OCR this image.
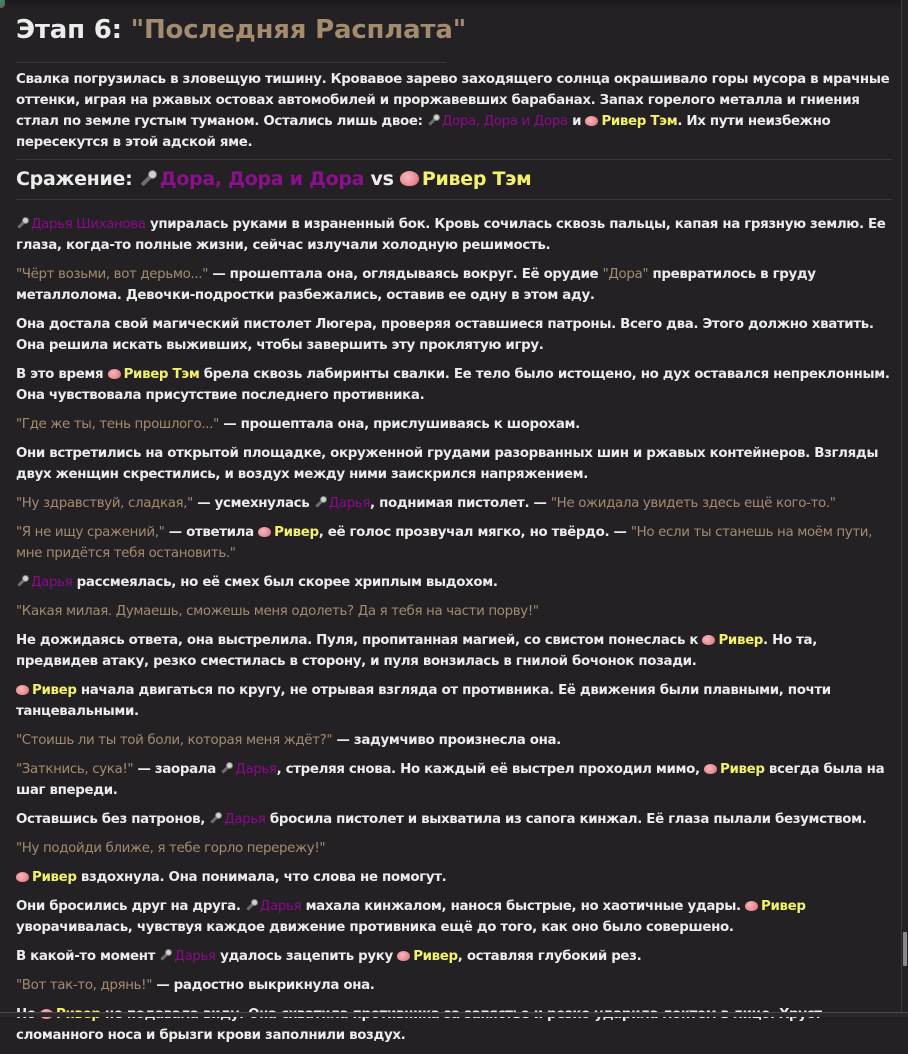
Этап 6: "Последняя Расплата"

Свалка погрузилась в зловещую тишину. Кровавое зарево заходящего солнца окрашивало горы мусора в мрачные оттенки, играя на ржавых остовах автомобилей и проржавевших барабанах. Запах горелого металла и гниения стлал по земле густым туманом. Остались лишь двое: Дора, Дора и Дора и Ривер Тэм. Их пути неизбежно пересекутся в этой адской яме.

Сражение: Дора, Дора и Дора vs Ривер Тэм

Дарья Шиханова упиралась руками в израненный бок. Кровь сочилась сквозь пальцы, капая на грязную землю. Ее глаза, когда-то полные жизни, сейчас излучали холодную решимость.

"Чёрт возьми, вот дерьмо..." — прошептала она, оглядываясь вокруг. Её орудие "Дора" превратилось в груду металлолома. Девочки-подростки разбежались, оставив ее одну в этом аду.

Она достала свой магический пистолет Люгера, проверяя оставшиеся патроны. Всего два. Этого должно хватить. Она решила искать выживших, чтобы завершить эту проклятую игру.

В это время Ривер Тэм брела сквозь лабиринты свалки. Ее тело было истощено, но дух оставался непреклонным. Она чувствовала присутствие последнего противника.

"Где же ты, тень прошлого..." — прошептала она, прислушиваясь к шорохам.

Они встретились на открытой площадке, окруженной грудами разорванных шин и ржавых контейнеров. Взгляды двух женщин скрестились, и воздух между ними заискрился напряжением.

"Ну здравствуй, сладкая," — усмехнулась Дарья, поднимая пистолет. — "Не ожидала увидеть здесь ещё кого-то."

"Я не ищу сражений," — ответила Ривер, её голос прозвучал мягко, но твёрдо. — "Но если ты станешь на моём пути, мне придётся тебя остановить."

Дарья рассмеялась, но её смех был скорее хриплым выдохом.

"Какая милая. Думаешь, сможешь меня одолеть? Да я тебя на части порву!"

Не дожидаясь ответа, она выстрелила. Пуля, пропитанная магией, со свистом понеслась к Ривер. Но та, предвидев атаку, резко сместилась в сторону, и пуля вонзилась в гнилой бочонок позади.

Ривер начала двигаться по кругу, не отрывая взгляда от противника. Её движения были плавными, почти танцевальными.

"Стоишь ли ты той боли, которая меня ждёт?" — задумчиво произнесла она.

"Заткнись, сука!" — заорала Дарья, стреляя снова. Но каждый её выстрел проходил мимо, Ривер всегда была на шаг впереди.

Оставшись без патронов, Дарья бросила пистолет и выхватила из сапога кинжал. Её глаза пылали безумством.

"Ну подойди ближе, я тебе горло перережу!"

Ривер вздохнула. Она понимала, что слова не помогут.

Они бросились друг на друга. Дарья махала кинжалом, нанося быстрые, но хаотичные удары. Ривер уворачивалась, чувствуя каждое движение противника ещё до того, как оно было совершено.

В какой-то момент Дарья удалось зацепить руку Ривер, оставляя глубокий рез.

"Вот так-то, дрянь!" — радостно выкрикнула она.

сломанного носа и брызги крови заполнили воздух.
